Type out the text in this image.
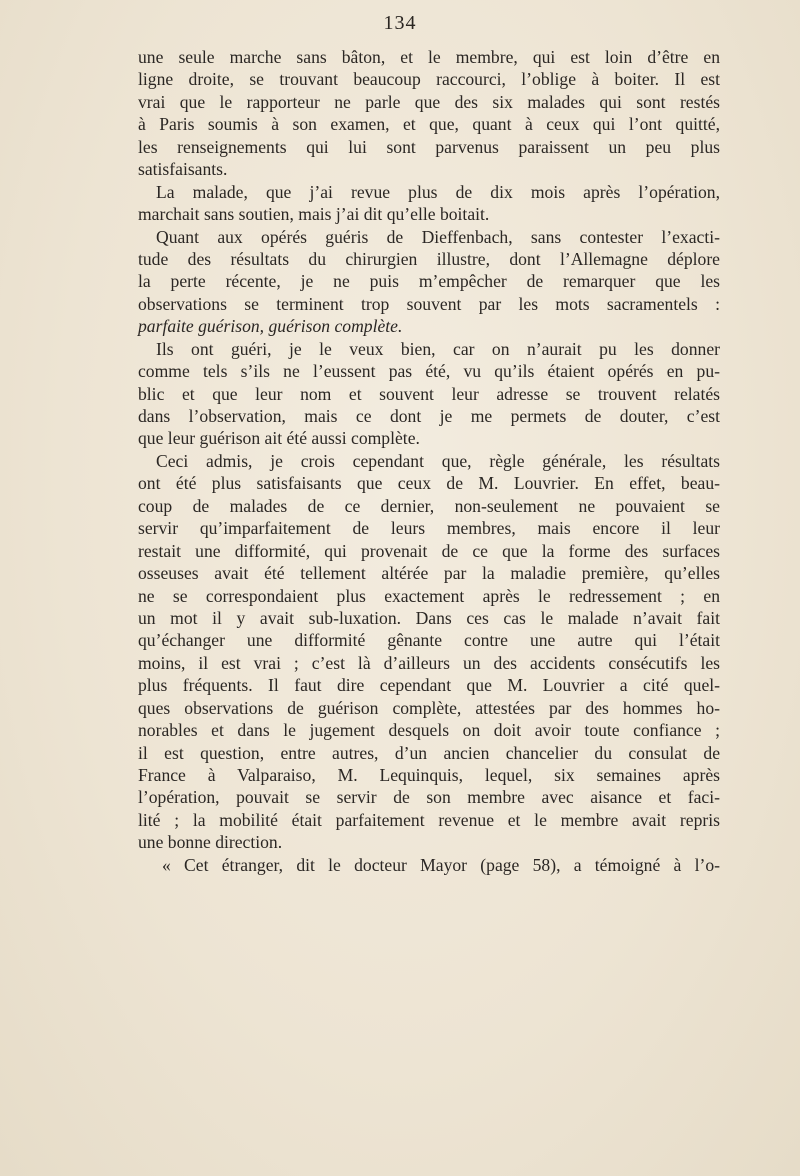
134
une seule marche sans bâton, et le membre, qui est loin d’être en
ligne droite, se trouvant beaucoup raccourci, l’oblige à boiter. Il est
vrai que le rapporteur ne parle que des six malades qui sont restés
à Paris soumis à son examen, et que, quant à ceux qui l’ont quitté,
les renseignements qui lui sont parvenus paraissent un peu plus
satisfaisants.
La malade, que j’ai revue plus de dix mois après l’opération,
marchait sans soutien, mais j’ai dit qu’elle boitait.
Quant aux opérés guéris de Dieffenbach, sans contester l’exacti-
tude des résultats du chirurgien illustre, dont l’Allemagne déplore
la perte récente, je ne puis m’empêcher de remarquer que les
observations se terminent trop souvent par les mots sacramentels :
parfaite guérison, guérison complète.
Ils ont guéri, je le veux bien, car on n’aurait pu les donner
comme tels s’ils ne l’eussent pas été, vu qu’ils étaient opérés en pu-
blic et que leur nom et souvent leur adresse se trouvent relatés
dans l’observation, mais ce dont je me permets de douter, c’est
que leur guérison ait été aussi complète.
Ceci admis, je crois cependant que, règle générale, les résultats
ont été plus satisfaisants que ceux de M. Louvrier. En effet, beau-
coup de malades de ce dernier, non-seulement ne pouvaient se
servir qu’imparfaitement de leurs membres, mais encore il leur
restait une difformité, qui provenait de ce que la forme des surfaces
osseuses avait été tellement altérée par la maladie première, qu’elles
ne se correspondaient plus exactement après le redressement ; en
un mot il y avait sub-luxation. Dans ces cas le malade n’avait fait
qu’échanger une difformité gênante contre une autre qui l’était
moins, il est vrai ; c’est là d’ailleurs un des accidents consécutifs les
plus fréquents. Il faut dire cependant que M. Louvrier a cité quel-
ques observations de guérison complète, attestées par des hommes ho-
norables et dans le jugement desquels on doit avoir toute confiance ;
il est question, entre autres, d’un ancien chancelier du consulat de
France à Valparaiso, M. Lequinquis, lequel, six semaines après
l’opération, pouvait se servir de son membre avec aisance et faci-
lité ; la mobilité était parfaitement revenue et le membre avait repris
une bonne direction.
« Cet étranger, dit le docteur Mayor (page 58), a témoigné à l’o-
